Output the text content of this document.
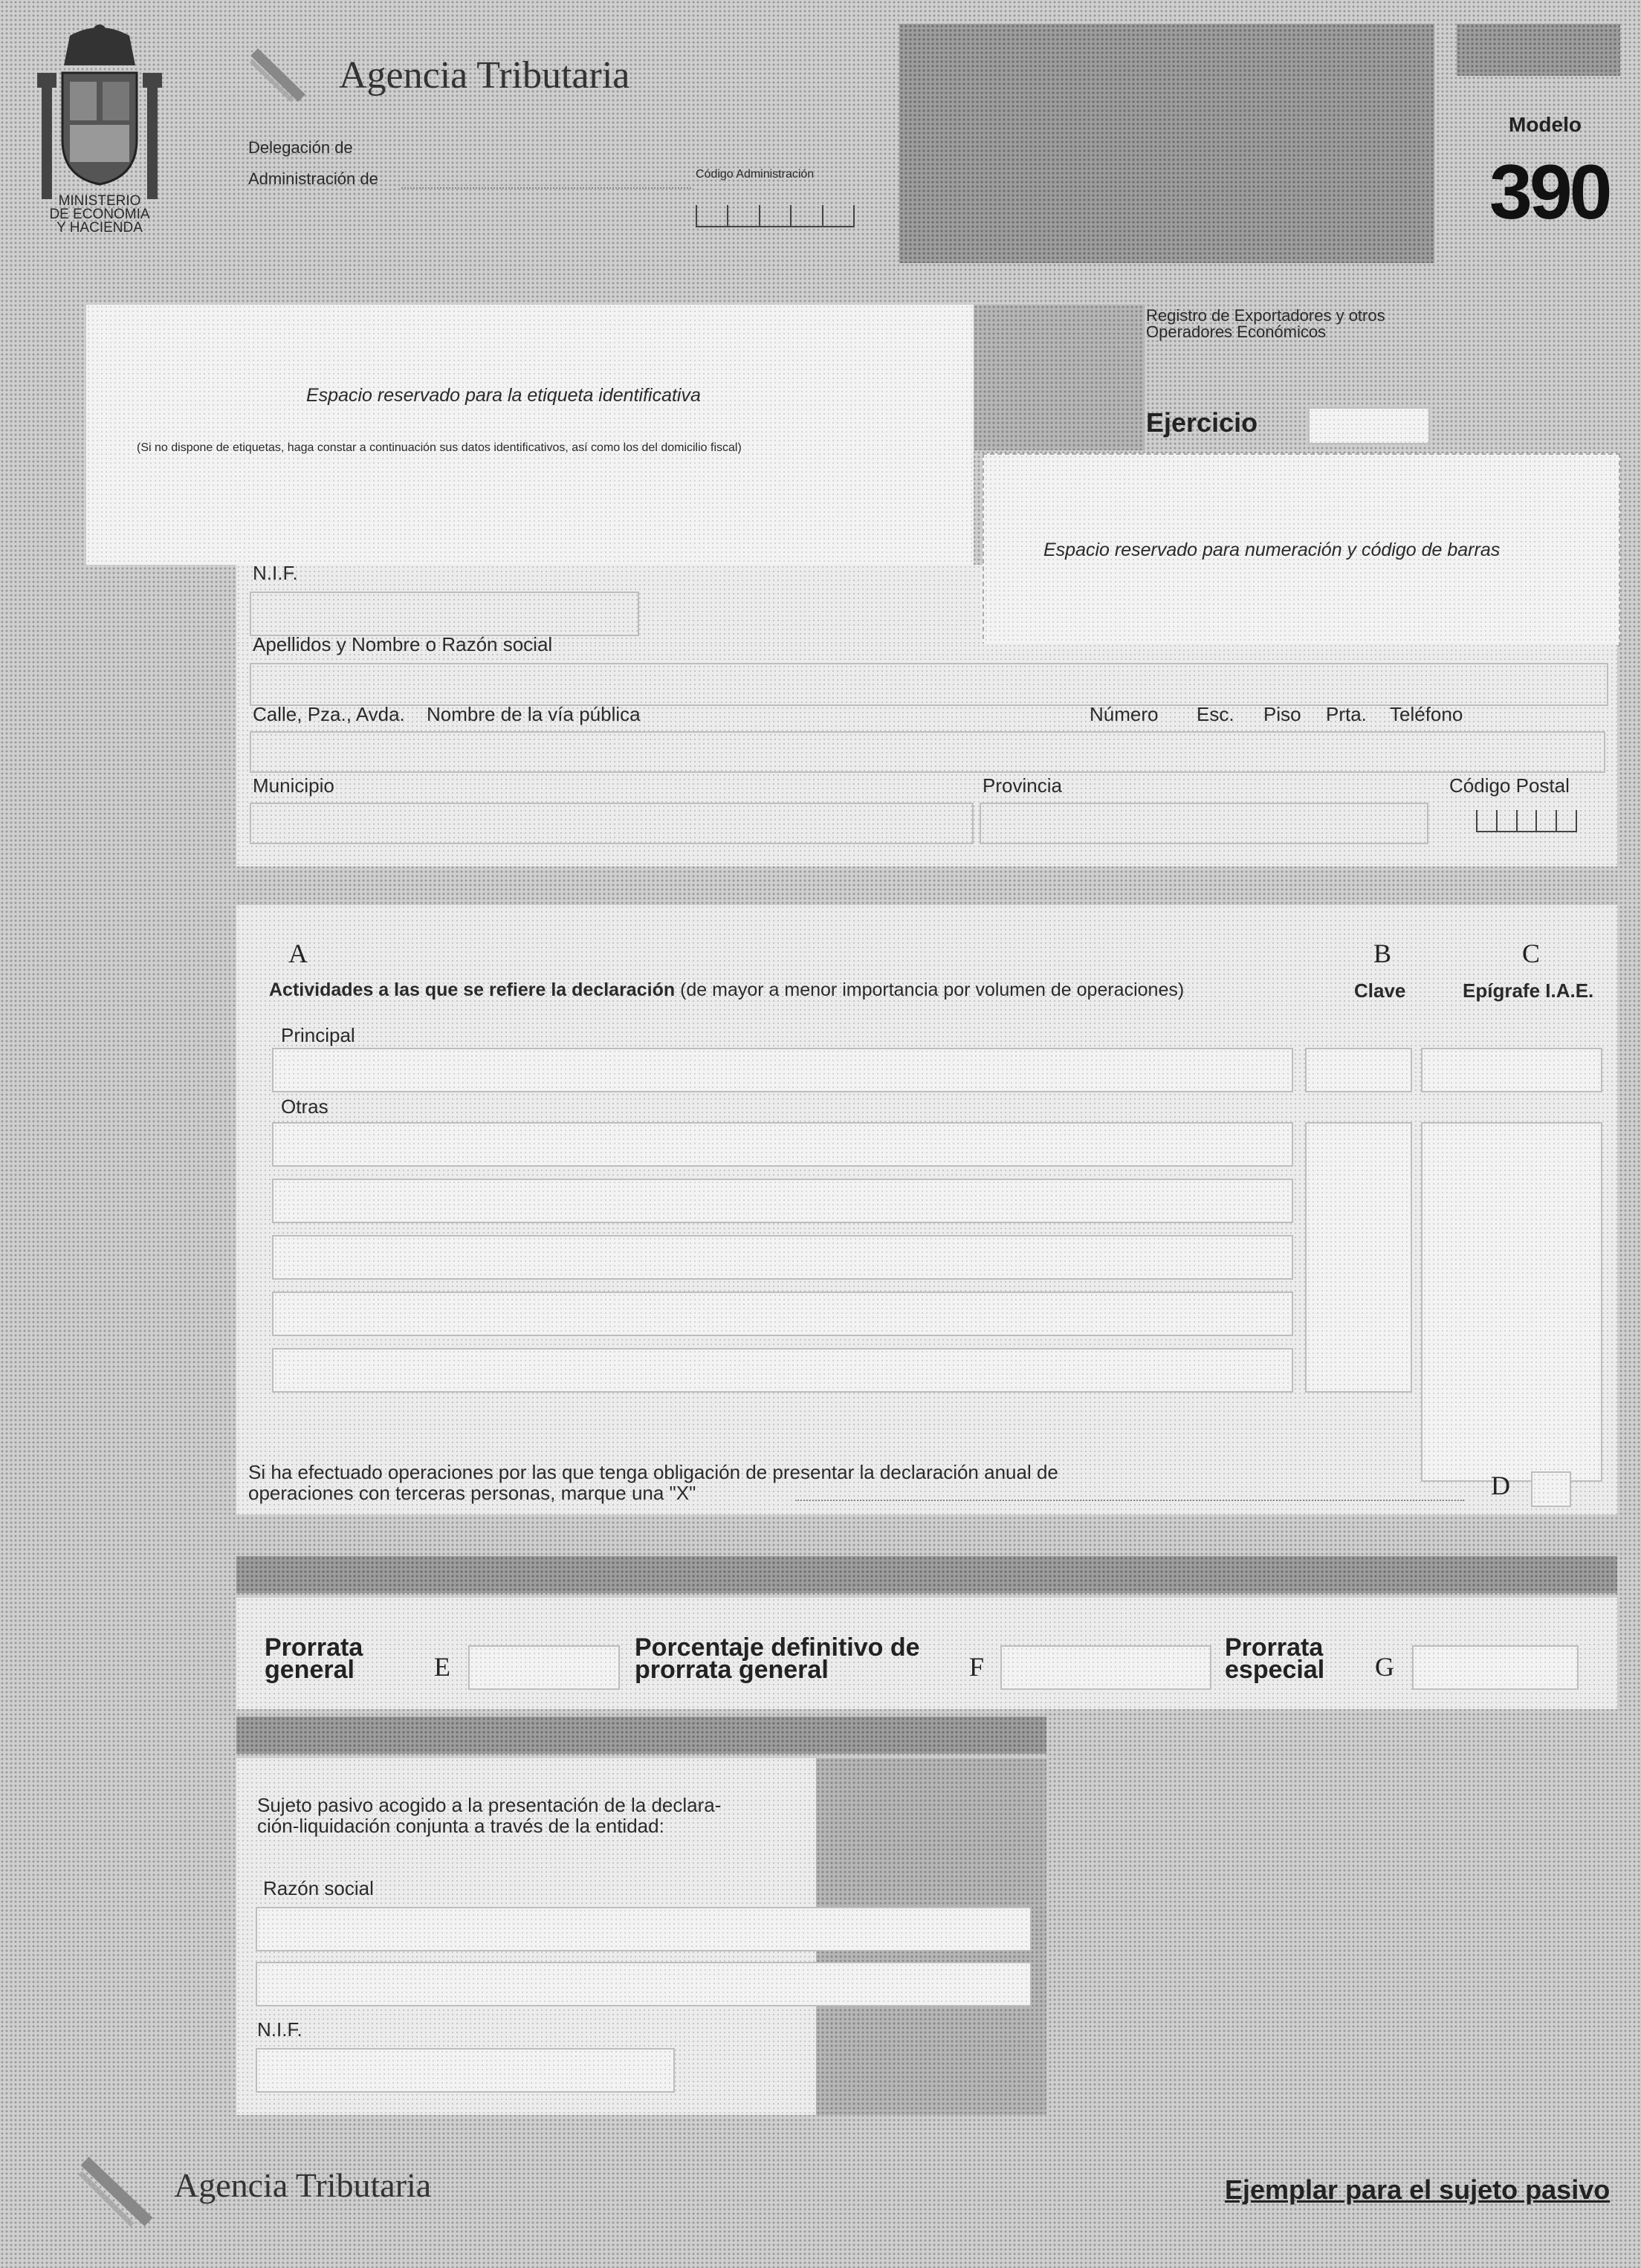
MINISTERIO
DE ECONOMIA
Y HACIENDA
Agencia Tributaria
Delegación de
Administración de	Código Administración
Modelo
390
Espacio reservado para la etiqueta identificativa
(Si no dispone de etiquetas, haga constar a continuación sus datos identificativos, así como los del domicilio fiscal)
Registro de Exportadores y otros Operadores Económicos
Ejercicio
Espacio reservado para numeración y código de barras
N.I.F.
Apellidos y Nombre o Razón social
Calle, Pza., Avda. Nombre de la vía pública	Número Esc. Piso Prta. Teléfono
Municipio	Provincia	Código Postal
A	B	C
Actividades a las que se refiere la declaración (de mayor a menor importancia por volumen de operaciones)	Clave	Epígrafe I.A.E.
Principal
Otras
Si ha efectuado operaciones por las que tenga obligación de presentar la declaración anual de
operaciones con terceras personas, marque una "X"	D
Prorrata
general	E
Porcentaje definitivo de
prorrata general	F
Prorrata
especial G
Sujeto pasivo acogido a la presentación de la declara-
ción-liquidación conjunta a través de la entidad:
Razón social
N.I.F.
Agencia Tributaria	Ejemplar para el sujeto pasivo
